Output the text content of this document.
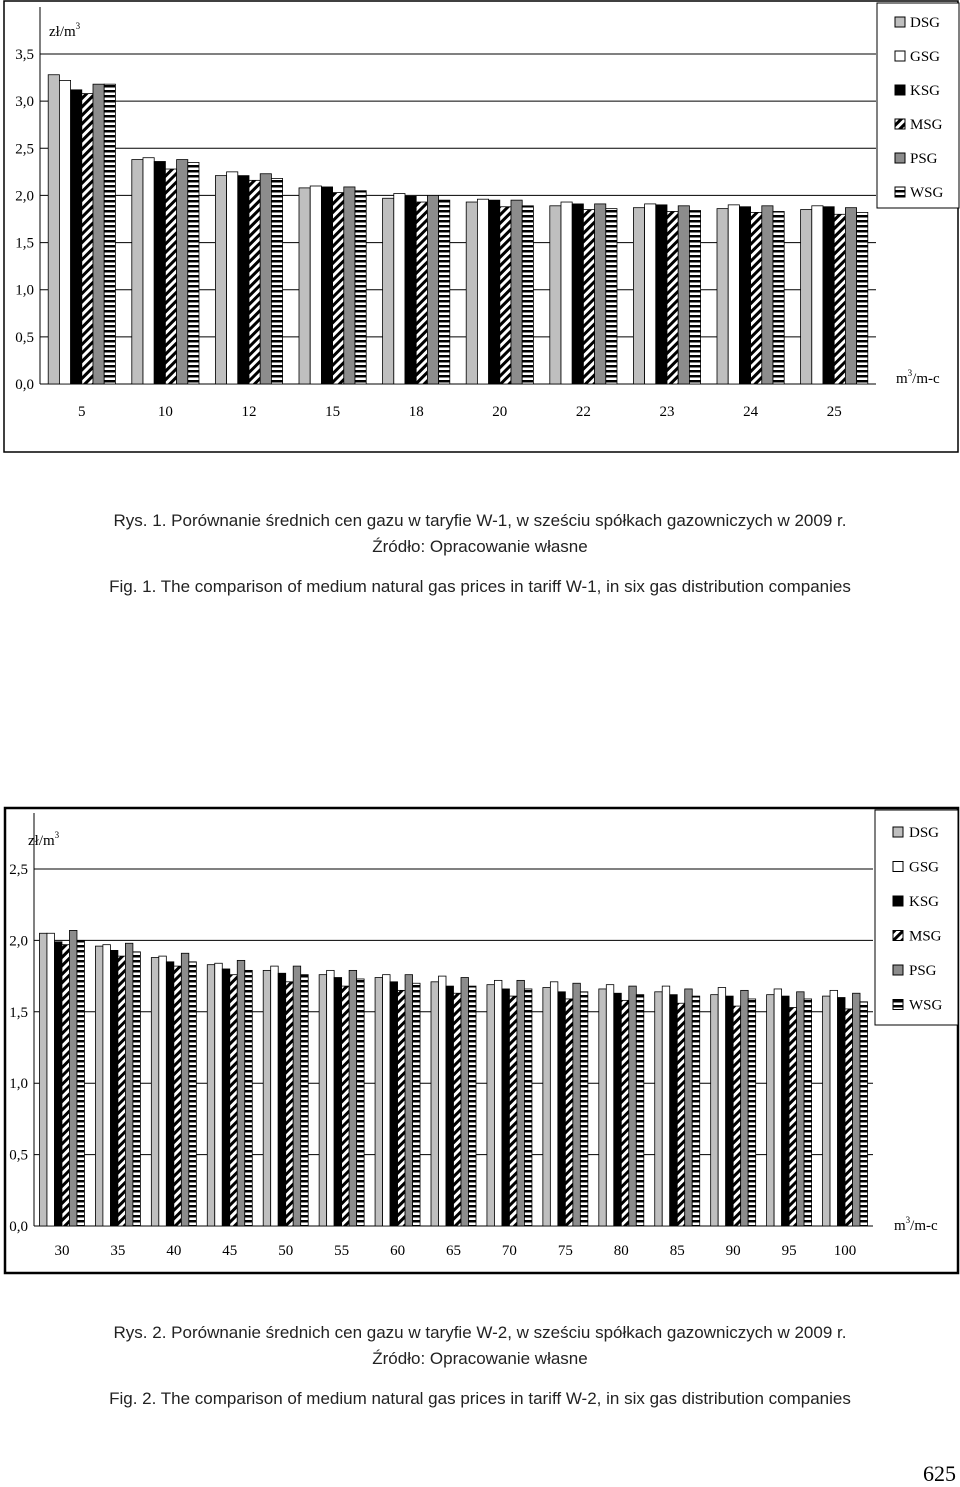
0,0
0,5
1,0
1,5
2,0
2,5
3,0
3,5
5	10	12	15	18	20	22	23	24	25
$zł/m^3$
$m^3/m-c$
DSG
GSG
KSG
MSG
PSG
WSG
Rys. 1. Porównanie średnich cen gazu w taryfie W-1, w sześciu spółkach gazowniczych w 2009 r.
Źródło: Opracowanie własne
Fig. 1. The comparison of medium natural gas prices in tariff W-1, in six gas distribution companies
0,0
0,5
1,0
1,5
2,0
2,5
30	35	40	45	50	55	60	65	70	75	80	85	90	95 100
$zł/m^3$
$m^3/m-c$
DSG
GSG
KSG
MSG
PSG
WSG
Rys. 2. Porównanie średnich cen gazu w taryfie W-2, w sześciu spółkach gazowniczych w 2009 r.
Źródło: Opracowanie własne
Fig. 2. The comparison of medium natural gas prices in tariff W-2, in six gas distribution companies
625
